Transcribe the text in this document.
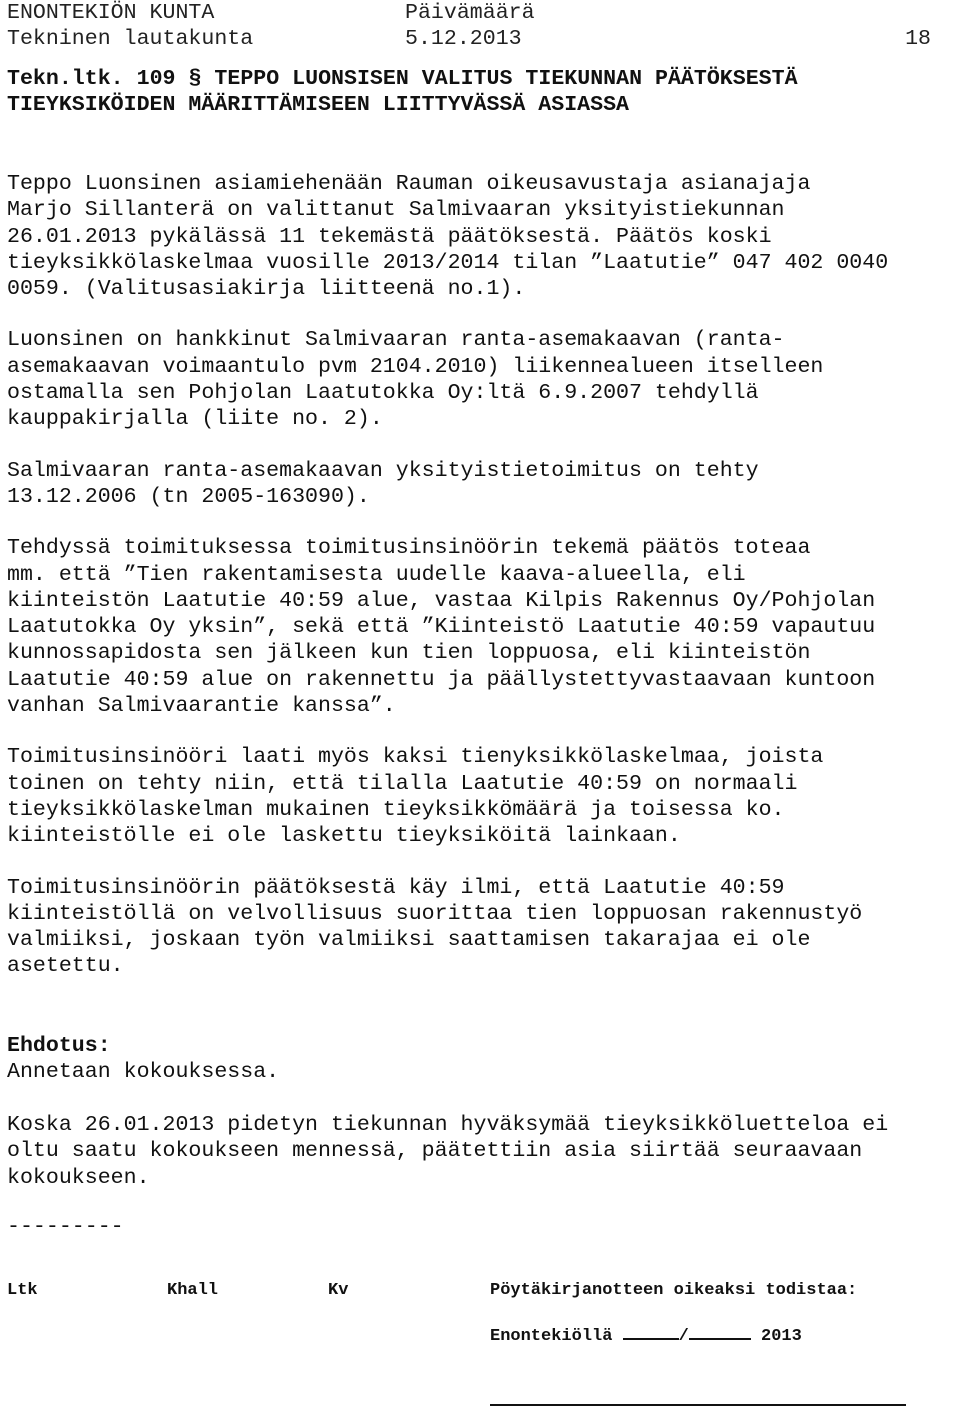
ENONTEKIÖN KUNTA	Päivämäärä
Tekninen lautakunta	5.12.2013	18
Tekn.ltk. 109 § TEPPO LUONSISEN VALITUS TIEKUNNAN PÄÄTÖKSESTÄ
TIEYKSIKÖIDEN MÄÄRITTÄMISEEN LIITTYVÄSSÄ ASIASSA
Teppo Luonsinen asiamiehenään Rauman oikeusavustaja asianajaja
Marjo Sillanterä on valittanut Salmivaaran yksityistiekunnan
26.01.2013 pykälässä 11 tekemästä päätöksestä. Päätös koski
tieyksikkölaskelmaa vuosille 2013/2014 tilan ”Laatutie” 047 402 0040
0059. (Valitusasiakirja liitteenä no.1).
Luonsinen on hankkinut Salmivaaran ranta-asemakaavan (ranta-
asemakaavan voimaantulo pvm 2104.2010) liikennealueen itselleen
ostamalla sen Pohjolan Laatutokka Oy:ltä 6.9.2007 tehdyllä
kauppakirjalla (liite no. 2).
Salmivaaran ranta-asemakaavan yksityistietoimitus on tehty
13.12.2006 (tn 2005-163090).
Tehdyssä toimituksessa toimitusinsinöörin tekemä päätös toteaa
mm. että ”Tien rakentamisesta uudelle kaava-alueella, eli
kiinteistön Laatutie 40:59 alue, vastaa Kilpis Rakennus Oy/Pohjolan
Laatutokka Oy yksin”, sekä että ”Kiinteistö Laatutie 40:59 vapautuu
kunnossapidosta sen jälkeen kun tien loppuosa, eli kiinteistön
Laatutie 40:59 alue on rakennettu ja päällystettyvastaavaan kuntoon
vanhan Salmivaarantie kanssa”.
Toimitusinsinööri laati myös kaksi tienyksikkölaskelmaa, joista
toinen on tehty niin, että tilalla Laatutie 40:59 on normaali
tieyksikkölaskelman mukainen tieyksikkömäärä ja toisessa ko.
kiinteistölle ei ole laskettu tieyksiköitä lainkaan.
Toimitusinsinöörin päätöksestä käy ilmi, että Laatutie 40:59
kiinteistöllä on velvollisuus suorittaa tien loppuosan rakennustyö
valmiiksi, joskaan työn valmiiksi saattamisen takarajaa ei ole
asetettu.
Ehdotus:
Annetaan kokouksessa.
Koska 26.01.2013 pidetyn tiekunnan hyväksymää tieyksikköluetteloa ei
oltu saatu kokoukseen mennessä, päätettiin asia siirtää seuraavaan
kokoukseen.
---------
Ltk	Khall	Kv	Pöytäkirjanotteen oikeaksi todistaa:
Enontekiöllä	/	2013
